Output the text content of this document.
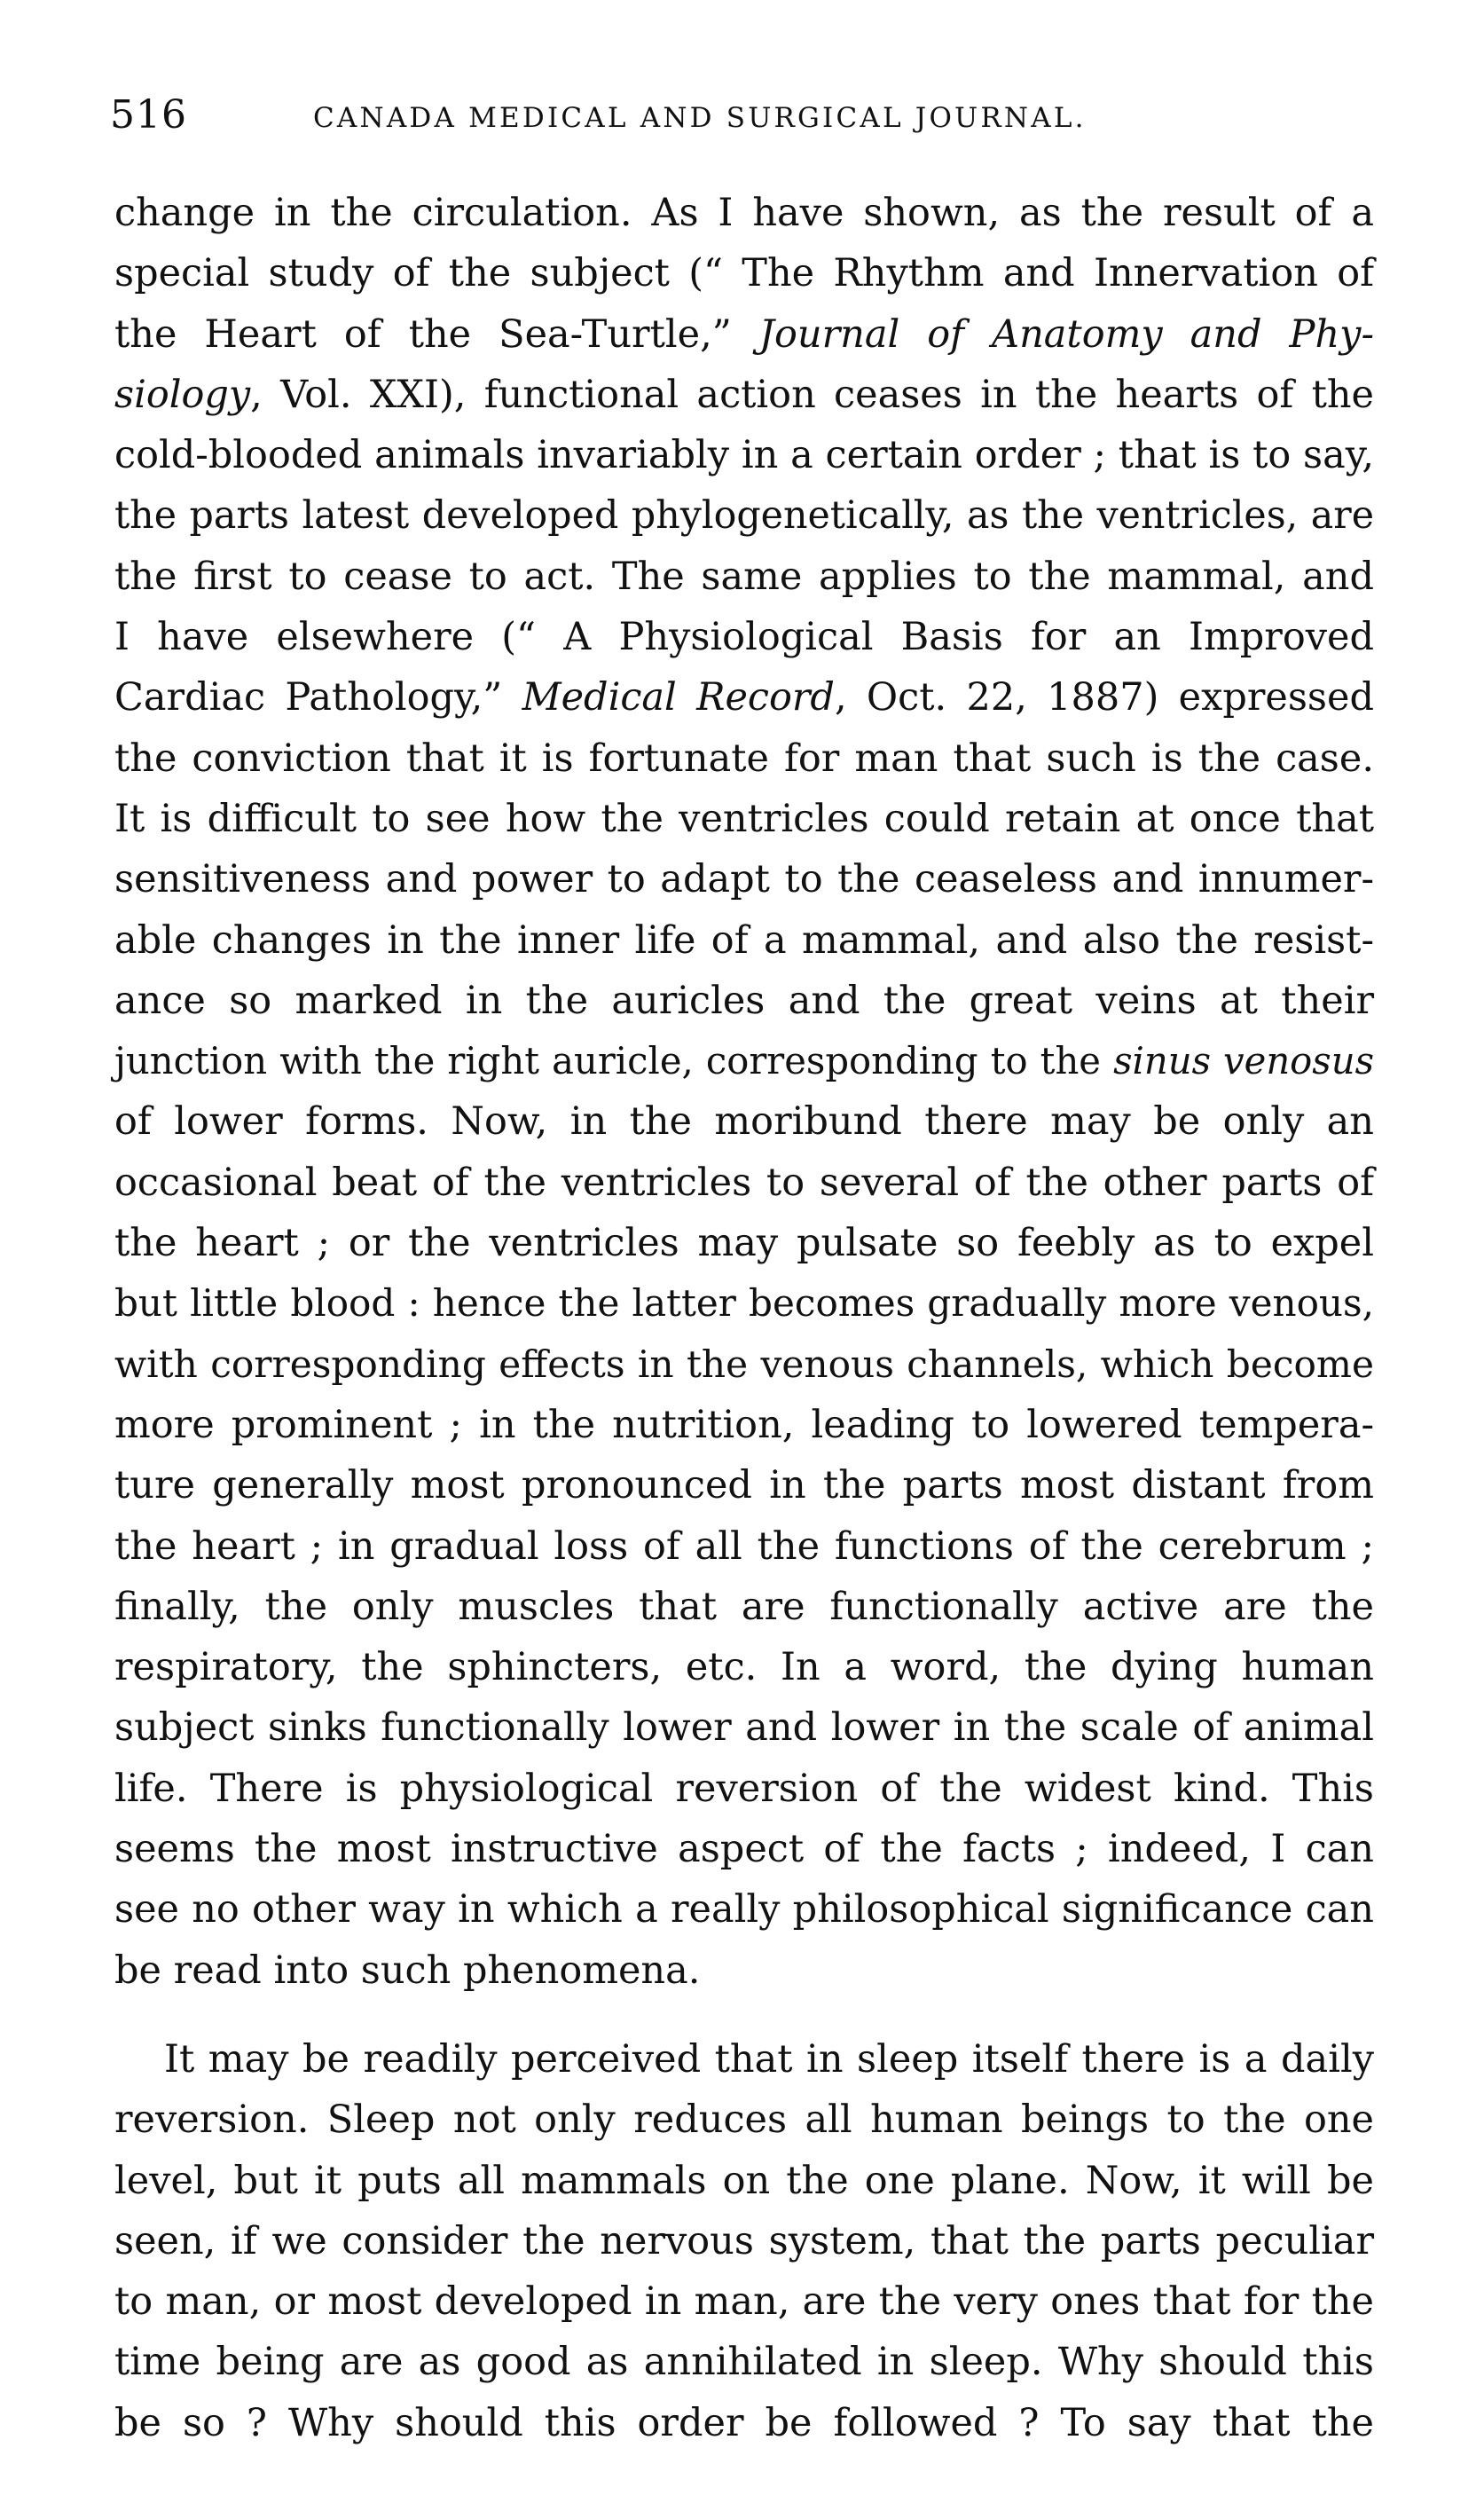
516	CANADA MEDICAL AND SURGICAL JOURNAL.
change in the circulation. As I have shown, as the result of a
special study of the subject (“ The Rhythm and Innervation of
the Heart of the Sea-Turtle,” Journal of Anatomy and Phy-
siology, Vol. XXI), functional action ceases in the hearts of the
cold-blooded animals invariably in a certain order ; that is to say,
the parts latest developed phylogenetically, as the ventricles, are
the first to cease to act. The same applies to the mammal, and
I have elsewhere (“ A Physiological Basis for an Improved
Cardiac Pathology,” Medical Record, Oct. 22, 1887) expressed
the conviction that it is fortunate for man that such is the case.
It is difficult to see how the ventricles could retain at once that
sensitiveness and power to adapt to the ceaseless and innumer-
able changes in the inner life of a mammal, and also the resist-
ance so marked in the auricles and the great veins at their
junction with the right auricle, corresponding to the sinus venosus
of lower forms. Now, in the moribund there may be only an
occasional beat of the ventricles to several of the other parts of
the heart ; or the ventricles may pulsate so feebly as to expel
but little blood : hence the latter becomes gradually more venous,
with corresponding effects in the venous channels, which become
more prominent ; in the nutrition, leading to lowered tempera-
ture generally most pronounced in the parts most distant from
the heart ; in gradual loss of all the functions of the cerebrum ;
finally, the only muscles that are functionally active are the
respiratory, the sphincters, etc. In a word, the dying human
subject sinks functionally lower and lower in the scale of animal
life. There is physiological reversion of the widest kind. This
seems the most instructive aspect of the facts ; indeed, I can
see no other way in which a really philosophical significance can
be read into such phenomena.
It may be readily perceived that in sleep itself there is a daily
reversion. Sleep not only reduces all human beings to the one
level, but it puts all mammals on the one plane. Now, it will be
seen, if we consider the nervous system, that the parts peculiar
to man, or most developed in man, are the very ones that for the
time being are as good as annihilated in sleep. Why should this
be so ? Why should this order be followed ? To say that the
